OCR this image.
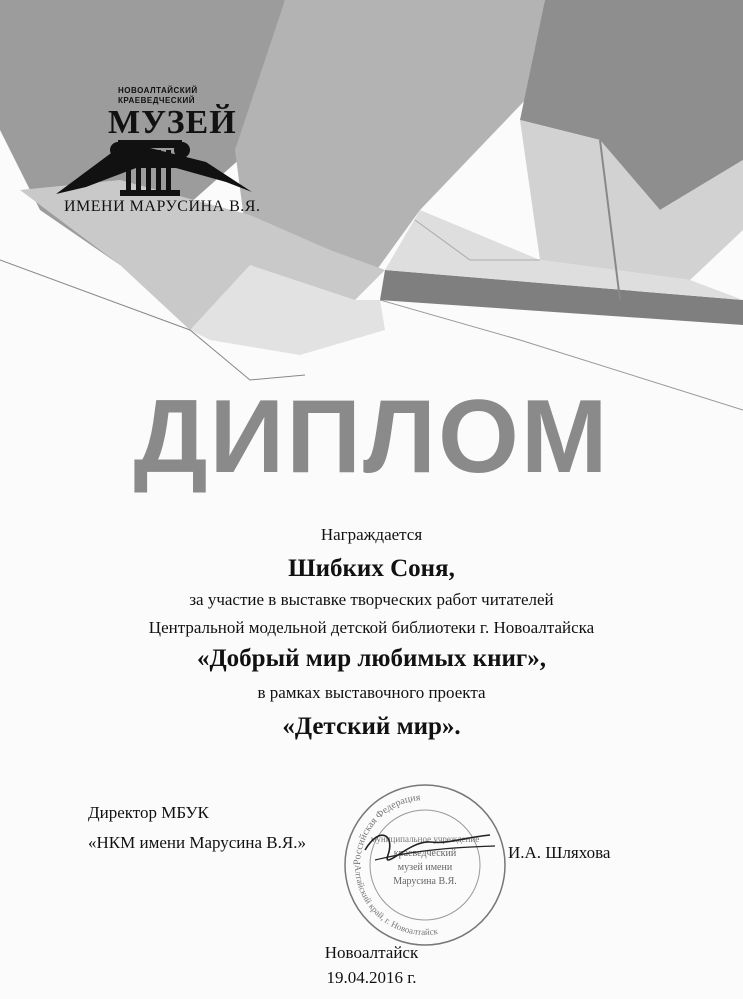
НОВОАЛТАЙСКИЙ
КРАЕВЕДЧЕСКИЙ
МУЗЕЙ
ИМЕНИ МАРУСИНА В.Я.
ДИПЛОМ
Награждается
Шибких Соня,
за участие в выставке творческих работ читателей
Центральной модельной детской библиотеки г. Новоалтайска
«Добрый мир любимых книг»,
в рамках выставочного проекта
«Детский мир».
Российская Федерация
Алтайский край, г. Новоалтайск
муниципальное учреждение
краеведческий
музей имени
Марусина В.Я.
Директор МБУК
«НКМ имени Марусина В.Я.»
И.А. Шляхова
Новоалтайск
19.04.2016 г.
